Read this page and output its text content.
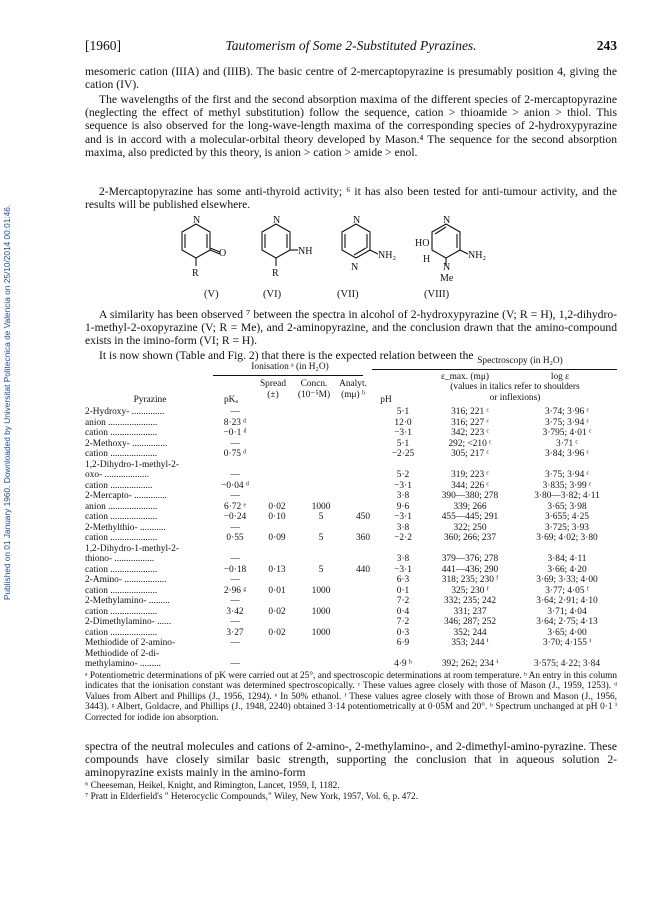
Published on 01 January 1960. Downloaded by Universitat Politecnica de Valencia on 25/10/2014 00:01:46.
[1960]	Tautomerism of Some 2-Substituted Pyrazines.	243

mesomeric cation (IIIA) and (IIIB). The basic centre of 2-mercaptopyrazine is presumably position 4, giving the cation (IV).

The wavelengths of the first and the second absorption maxima of the different species of 2-mercaptopyrazine (neglecting the effect of methyl substitution) follow the sequence, cation > thioamide > anion > thiol. This sequence is also observed for the long-wave-length maxima of the corresponding species of 2-hydroxypyrazine and is in accord with a molecular-orbital theory developed by Mason.⁴ The sequence for the second absorption maxima, also predicted by this theory, is anion > cation > amide > enol.

2-Mercaptopyrazine has some anti-thyroid activity; ⁶ it has also been tested for anti-tumour activity, and the results will be published elsewhere.

N
O
R
N
NH
R
N
N
NH₂
N
HO
H
N
NH₂
Me
(V)	(VI)	(VII)	(VIII)

A similarity has been observed ⁷ between the spectra in alcohol of 2-hydroxypyrazine (V; R = H), 1,2-dihydro-1-methyl-2-oxopyrazine (V; R = Me), and 2-aminopyrazine, and the conclusion drawn that the amino-compound exists in the imino-form (VI; R = H).

It is now shown (Table and Fig. 2) that there is the expected relation between the

Ionisation ᵃ (in H₂O)
Spectroscopy (in H₂O)
Spread
(±)
Concn.
(10⁻⁵M)
Analyt.
(mμ) ᵇ
ε_max. (mμ)	log ε
(values in italics refer to shoulders
or inflexions)
Pyrazine	pKₐ	pH
2-Hydroxy- ..............	—				5·1	316; 221 ᶜ	3·74; 3·96 ᶜ
anion .....................	8·23 ᵈ				12·0	316; 227 ᶜ	3·75; 3·94 ᶜ
cation ....................	−0·1 ᵈ				−3·1	342; 223 ᶜ	3·795; 4·01 ᶜ
2-Methoxy- ...............	—				5·1	292; <210 ᶜ	3·71 ᶜ
cation ....................	0·75 ᵈ				−2·25	305; 217 ᶜ	3·84; 3·96 ᶜ
1,2-Dihydro-1-methyl-2-							
oxo- ...................	—				5·2	319; 223 ᶜ	3·75; 3·94 ᶜ
cation ..................	−0·04 ᵈ				−3·1	344; 226 ᶜ	3·835; 3·99 ᶜ
2-Mercapto- ..............	—				3·8	390—380; 278	3·80—3·82; 4·11
anion .....................	6·72 ᵉ	0·02	1000		9·6	339; 266	3·65; 3·98
cation ....................	−0·24	0·10	5	450	−3·1	455—445; 291	3·655; 4·25
2-Methylthio- ...........	—				3·8	322; 250	3·725; 3·93
cation ....................	0·55	0·09	5	360	−2·2	360; 266; 237	3·69; 4·02; 3·80
1,2-Dihydro-1-methyl-2-							
thiono- .................	—				3·8	379—376; 278	3·84; 4·11
cation ....................	−0·18	0·13	5	440	−3·1	441—436; 290	3·66; 4·20
2-Amino- ..................	—				6·3	318; 235; 230 ᶠ	3·69; 3·33; 4·00
cation ....................	2·96 ᵍ	0·01	1000		0·1	325; 230 ᶠ	3·77; 4·05 ᶠ
2-Methylamino- .........	—				7·2	332; 235; 242	3·64; 2·91; 4·10
cation ....................	3·42	0·02	1000		0·4	331; 237	3·71; 4·04
2-Dimethylamino- ......	—				7·2	346; 287; 252	3·64; 2·75; 4·13
cation ....................	3·27	0·02	1000		0·3	352; 244	3·65; 4·00
Methiodide of 2-amino-	—				6·9	353; 244 ⁱ	3·70; 4·155 ⁱ
Methiodide of 2-di-							
methylamino- .........	—				4·9 ʰ	392; 262; 234 ⁱ	3·575; 4·22; 3·84

ᵃ Potentiometric determinations of pK were carried out at 25°, and spectroscopic determinations at room temperature. ᵇ An entry in this column indicates that the ionisation constant was determined spectroscopically. ᶜ These values agree closely with those of Mason (J., 1959, 1253). ᵈ Values from Albert and Phillips (J., 1956, 1294). ᵉ In 50% ethanol. ᶠ These values agree closely with those of Brown and Mason (J., 1956, 3443). ᵍ Albert, Goldacre, and Phillips (J., 1948, 2240) obtained 3·14 potentiometrically at 0·05M and 20°. ʰ Spectrum unchanged at pH 0·1 ⁱ Corrected for iodide ion absorption.

spectra of the neutral molecules and cations of 2-amino-, 2-methylamino-, and 2-dimethyl-amino-pyrazine. These compounds have closely similar basic strength, supporting the conclusion that in aqueous solution 2-aminopyrazine exists mainly in the amino-form

⁶ Cheeseman, Heikel, Knight, and Rimington, Lancet, 1959, I, 1182.

⁷ Pratt in Elderfield's " Heterocyclic Compounds," Wiley, New York, 1957, Vol. 6, p. 472.
